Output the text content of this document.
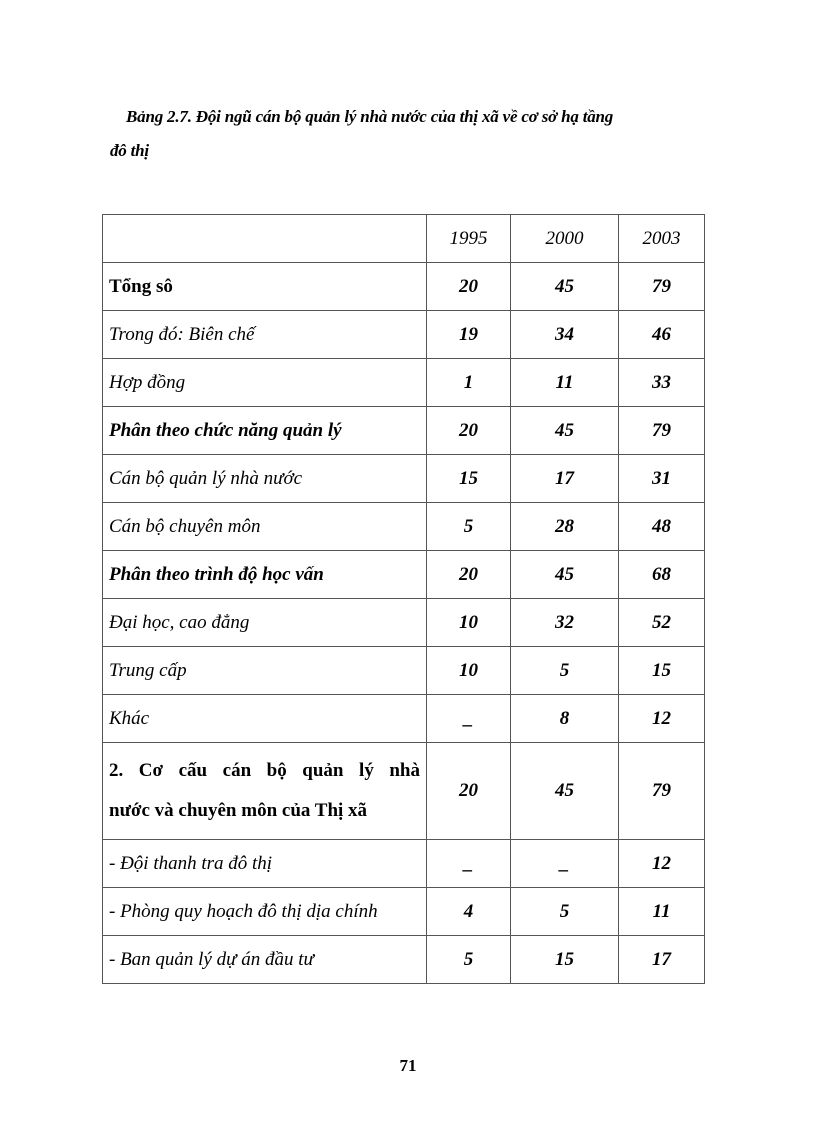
Bảng 2.7. Đội ngũ cán bộ quản lý nhà nước của thị xã về cơ sở hạ tầng
đô thị
	1995	2000	2003
Tổng sô	20	45	79
Trong đó: Biên chế	19	34	46
Hợp đồng	1	11	33
Phân theo chức năng quản lý	20	45	79
Cán bộ quản lý nhà nước	15	17	31
Cán bộ chuyên môn	5	28	48
Phân theo trình độ học vấn	20	45	68
Đại học, cao đẳng	10	32	52
Trung cấp	10	5	15
Khác	_	8	12

2. Cơ cấu cán bộ quản lý nhà
nước và chuyên môn của Thị xã	20	45	79
- Đội thanh tra đô thị	_	_	12
- Phòng quy hoạch đô thị dịa chính	4	5	11
- Ban quản lý dự án đầu tư	5	15	17
71
